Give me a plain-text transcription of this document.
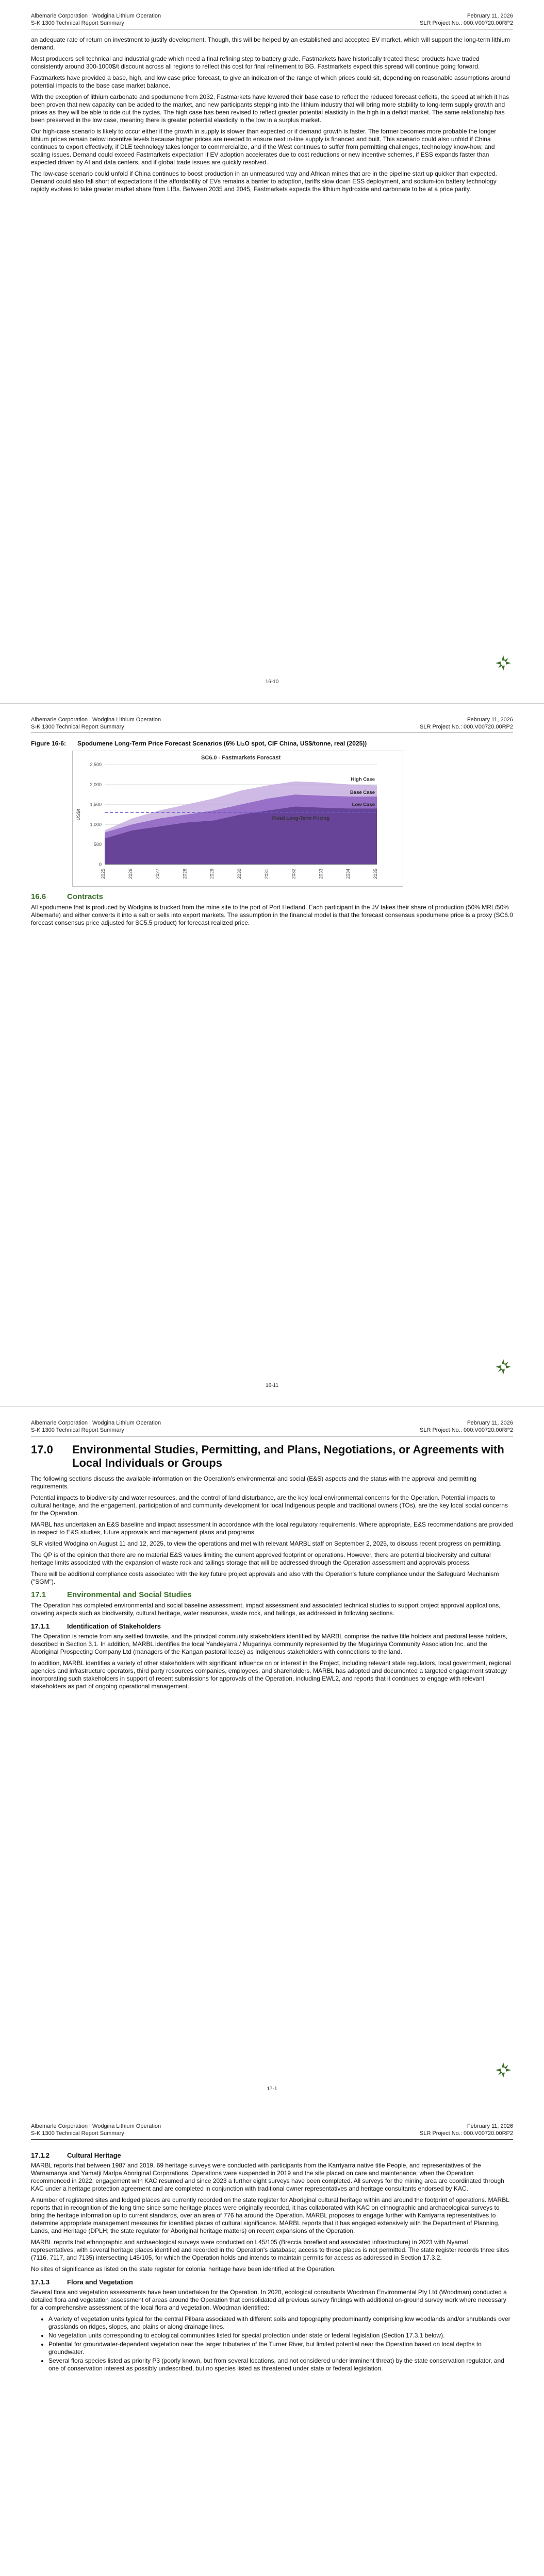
Albemarle Corporation | Wodgina Lithium Operation	February 11, 2026
S-K 1300 Technical Report Summary	SLR Project No.: 000.V00720.00RP2

an adequate rate of return on investment to justify development. Though, this will be helped by an established and accepted EV market, which will support the long-term lithium demand.

Most producers sell technical and industrial grade which need a final refining step to battery grade. Fastmarkets have historically treated these products have traded consistently around 300-1000$/t discount across all regions to reflect this cost for final refinement to BG. Fastmarkets expect this spread will continue going forward.

Fastmarkets have provided a base, high, and low case price forecast, to give an indication of the range of which prices could sit, depending on reasonable assumptions around potential impacts to the base case market balance.

With the exception of lithium carbonate and spodumene from 2032, Fastmarkets have lowered their base case to reflect the reduced forecast deficits, the speed at which it has been proven that new capacity can be added to the market, and new participants stepping into the lithium industry that will bring more stability to long-term supply growth and prices as they will be able to ride out the cycles. The high case has been revised to reflect greater potential elasticity in the high in a deficit market. The same relationship has been preserved in the low case, meaning there is greater potential elasticity in the low in a surplus market.

Our high-case scenario is likely to occur either if the growth in supply is slower than expected or if demand growth is faster. The former becomes more probable the longer lithium prices remain below incentive levels because higher prices are needed to ensure next in-line supply is financed and built. This scenario could also unfold if China continues to export effectively, if DLE technology takes longer to commercialize, and if the West continues to suffer from permitting challenges, technology know-how, and scaling issues. Demand could exceed Fastmarkets expectation if EV adoption accelerates due to cost reductions or new incentive schemes, if ESS expands faster than expected driven by AI and data centers, and if global trade issues are quickly resolved.

The low-case scenario could unfold if China continues to boost production in an unmeasured way and African mines that are in the pipeline start up quicker than expected. Demand could also fall short of expectations if the affordability of EVs remains a barrier to adoption, tariffs slow down ESS deployment, and sodium-ion battery technology rapidly evolves to take greater market share from LIBs. Between 2035 and 2045, Fastmarkets expects the lithium hydroxide and carbonate to be at a price parity.

16-10
Albemarle Corporation | Wodgina Lithium Operation	February 11, 2026
S-K 1300 Technical Report Summary	SLR Project No.: 000.V00720.00RP2
Figure 16-6:	Spodumene Long-Term Price Forecast Scenarios (6% Li₂O spot, CIF China, US$/tonne, real (2025))
SC6.0 - Fastmarkets Forecast
0
500
1,000
1,500
2,000
2,500
US$/t	Fixed Long-Term Pricing
2025	2026	2027	2028	2029	2030	2031	2032	2033	2034	2035
High Case
Base Case
Low Case
16.6	Contracts

All spodumene that is produced by Wodgina is trucked from the mine site to the port of Port Hedland. Each participant in the JV takes their share of production (50% MRL/50% Albemarle) and either converts it into a salt or sells into export markets. The assumption in the financial model is that the forecast consensus spodumene price is a proxy (SC6.0 forecast consensus price adjusted for SC5.5 product) for forecast realized price.

16-11
Albemarle Corporation | Wodgina Lithium Operation	February 11, 2026
S-K 1300 Technical Report Summary	SLR Project No.: 000.V00720.00RP2
17.0	Environmental Studies, Permitting, and Plans, Negotiations, or Agreements with Local Individuals or Groups

The following sections discuss the available information on the Operation's environmental and social (E&S) aspects and the status with the approval and permitting requirements.

Potential impacts to biodiversity and water resources, and the control of land disturbance, are the key local environmental concerns for the Operation. Potential impacts to cultural heritage, and the engagement, participation of and community development for local Indigenous people and traditional owners (TOs), are the key local social concerns for the Operation.

MARBL has undertaken an E&S baseline and impact assessment in accordance with the local regulatory requirements. Where appropriate, E&S recommendations are provided in respect to E&S studies, future approvals and management plans and programs.

SLR visited Wodgina on August 11 and 12, 2025, to view the operations and met with relevant MARBL staff on September 2, 2025, to discuss recent progress on permitting.

The QP is of the opinion that there are no material E&S values limiting the current approved footprint or operations. However, there are potential biodiversity and cultural heritage limits associated with the expansion of waste rock and tailings storage that will be addressed through the Operation assessment and approvals process.

There will be additional compliance costs associated with the key future project approvals and also with the Operation's future compliance under the Safeguard Mechanism ("SGM").

17.1	Environmental and Social Studies

The Operation has completed environmental and social baseline assessment, impact assessment and associated technical studies to support project approval applications, covering aspects such as biodiversity, cultural heritage, water resources, waste rock, and tailings, as addressed in following sections.

17.1.1	Identification of Stakeholders

The Operation is remote from any settled townsite, and the principal community stakeholders identified by MARBL comprise the native title holders and pastoral lease holders, described in Section 3.1. In addition, MARBL identifies the local Yandeyarra / Mugarinya community represented by the Mugarinya Community Association Inc. and the Aboriginal Prospecting Company Ltd (managers of the Kangan pastoral lease) as Indigenous stakeholders with connections to the land.

In addition, MARBL identifies a variety of other stakeholders with significant influence on or interest in the Project, including relevant state regulators, local government, regional agencies and infrastructure operators, third party resources companies, employees, and shareholders. MARBL has adopted and documented a targeted engagement strategy incorporating such stakeholders in support of recent submissions for approvals of the Operation, including EWL2, and reports that it continues to engage with relevant stakeholders as part of ongoing operational management.

17-1
Albemarle Corporation | Wodgina Lithium Operation	February 11, 2026
S-K 1300 Technical Report Summary	SLR Project No.: 000.V00720.00RP2
17.1.2	Cultural Heritage

MARBL reports that between 1987 and 2019, 69 heritage surveys were conducted with participants from the Karriyarra native title People, and representatives of the Warnamanya and Yamatji Marlpa Aboriginal Corporations. Operations were suspended in 2019 and the site placed on care and maintenance; when the Operation recommenced in 2022, engagement with KAC resumed and since 2023 a further eight surveys have been completed. All surveys for the mining area are coordinated through KAC under a heritage protection agreement and are completed in conjunction with traditional owner representatives and heritage consultants endorsed by KAC.

A number of registered sites and lodged places are currently recorded on the state register for Aboriginal cultural heritage within and around the footprint of operations. MARBL reports that in recognition of the long time since some heritage places were originally recorded, it has collaborated with KAC on ethnographic and archaeological surveys to bring the heritage information up to current standards, over an area of 776 ha around the Operation. MARBL proposes to engage further with Karriyarra representatives to determine appropriate management measures for identified places of cultural significance. MARBL reports that it has engaged extensively with the Department of Planning, Lands, and Heritage (DPLH; the state regulator for Aboriginal heritage matters) on recent expansions of the Operation.

MARBL reports that ethnographic and archaeological surveys were conducted on L45/105 (Breccia borefield and associated infrastructure) in 2023 with Nyamal representatives, with several heritage places identified and recorded in the Operation's database; access to these places is not permitted. The state register records three sites (7116, 7117, and 7135) intersecting L45/105, for which the Operation holds and intends to maintain permits for access as addressed in Section 17.3.2.

No sites of significance as listed on the state register for colonial heritage have been identified at the Operation.

17.1.3	Flora and Vegetation

Several flora and vegetation assessments have been undertaken for the Operation. In 2020, ecological consultants Woodman Environmental Pty Ltd (Woodman) conducted a detailed flora and vegetation assessment of areas around the Operation that consolidated all previous survey findings with additional on-ground survey work where necessary for a comprehensive assessment of the local flora and vegetation. Woodman identified:

• A variety of vegetation units typical for the central Pilbara associated with different soils and topography predominantly comprising low woodlands and/or shrublands over grasslands on ridges, slopes, and plains or along drainage lines.
• No vegetation units corresponding to ecological communities listed for special protection under state or federal legislation (Section 17.3.1 below).
• Potential for groundwater-dependent vegetation near the larger tributaries of the Turner River, but limited potential near the Operation based on local depths to groundwater.
• Several flora species listed as priority P3 (poorly known, but from several locations, and not considered under imminent threat) by the state conservation regulator, and one of conservation interest as possibly undescribed, but no species listed as threatened under state or federal legislation.
